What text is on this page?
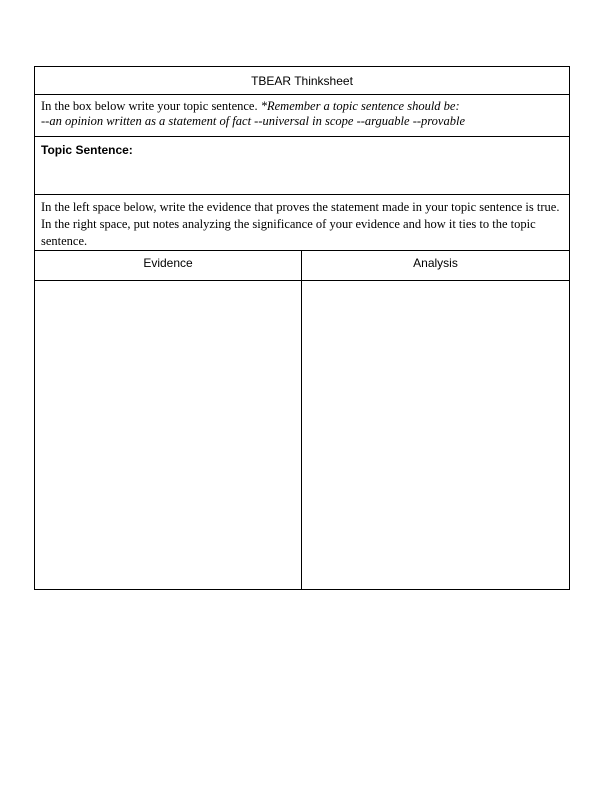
TBEAR Thinksheet
In the box below write your topic sentence. *Remember a topic sentence should be:
--an opinion written as a statement of fact --universal in scope --arguable --provable
Topic Sentence:
In the left space below, write the evidence that proves the statement made in your topic sentence is true. In the right space, put notes analyzing the significance of your evidence and how it ties to the topic sentence.
Evidence	Analysis
